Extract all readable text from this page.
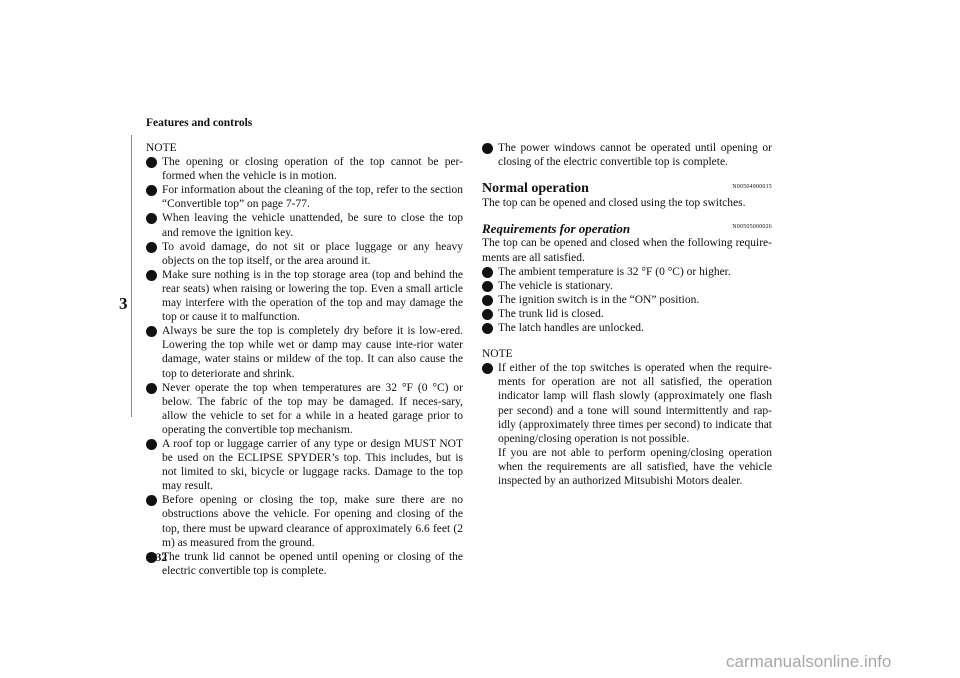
Features and controls
3
NOTE
The opening or closing operation of the top cannot be per-formed when the vehicle is in motion.
For information about the cleaning of the top, refer to the section “Convertible top” on page 7-77.
When leaving the vehicle unattended, be sure to close the top and remove the ignition key.
To avoid damage, do not sit or place luggage or any heavy objects on the top itself, or the area around it.
Make sure nothing is in the top storage area (top and behind the rear seats) when raising or lowering the top. Even a small article may interfere with the operation of the top and may damage the top or cause it to malfunction.
Always be sure the top is completely dry before it is low-ered. Lowering the top while wet or damp may cause inte-rior water damage, water stains or mildew of the top. It can also cause the top to deteriorate and shrink.
Never operate the top when temperatures are 32 °F (0 °C) or below. The fabric of the top may be damaged. If neces-sary, allow the vehicle to set for a while in a heated garage prior to operating the convertible top mechanism.
A roof top or luggage carrier of any type or design MUST NOT be used on the ECLIPSE SPYDER’s top. This includes, but is not limited to ski, bicycle or luggage racks. Damage to the top may result.
Before opening or closing the top, make sure there are no obstructions above the vehicle. For opening and closing of the top, there must be upward clearance of approximately 6.6 feet (2 m) as measured from the ground.
The trunk lid cannot be opened until opening or closing of the electric convertible top is complete.
The power windows cannot be operated until opening or closing of the electric convertible top is complete.
Normal operation	N00504900015

The top can be opened and closed using the top switches.

Requirements for operation	N00505000026

The top can be opened and closed when the following require-ments are all satisfied.

The ambient temperature is 32 °F (0 °C) or higher.
The vehicle is stationary.
The ignition switch is in the “ON” position.
The trunk lid is closed.
The latch handles are unlocked.
NOTE
If either of the top switches is operated when the require-ments for operation are not all satisfied, the operation indicator lamp will flash slowly (approximately one flash per second) and a tone will sound intermittently and rap-idly (approximately three times per second) to indicate that opening/closing operation is not possible.
If you are not able to perform opening/closing operation when the requirements are all satisfied, have the vehicle inspected by an authorized Mitsubishi Motors dealer.
3-32
carmanualsonline.info
